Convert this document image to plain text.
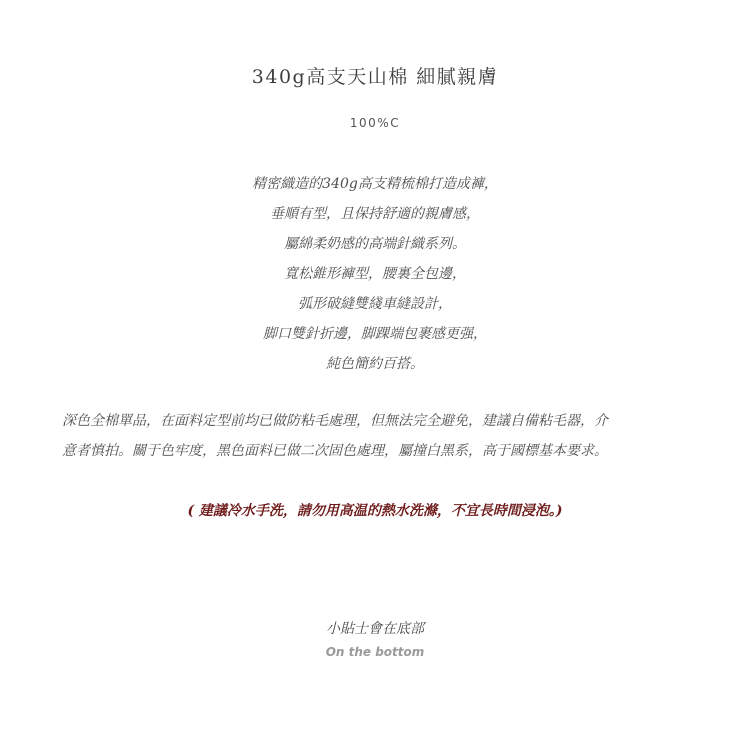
340g高支天山棉 細膩親膚
100%C
精密織造的340g高支精梳棉打造成褲，
垂順有型，且保持舒適的親膚感，
屬綿柔奶感的高端針織系列。
寬松錐形褲型，腰裏全包邊，
弧形破縫雙綫車縫設計，
脚口雙針折邊，脚踝端包裹感更强，
純色簡約百搭。
深色全棉單品，在面料定型前均已做防粘毛處理，但無法完全避免，建議自備粘毛器，介
意者慎拍。關于色牢度，黑色面料已做二次固色處理，屬撞白黑系，高于國標基本要求。
( 建議冷水手洗，請勿用高温的熱水洗滌，不宜長時間浸泡。)
小貼士會在底部
On the bottom
